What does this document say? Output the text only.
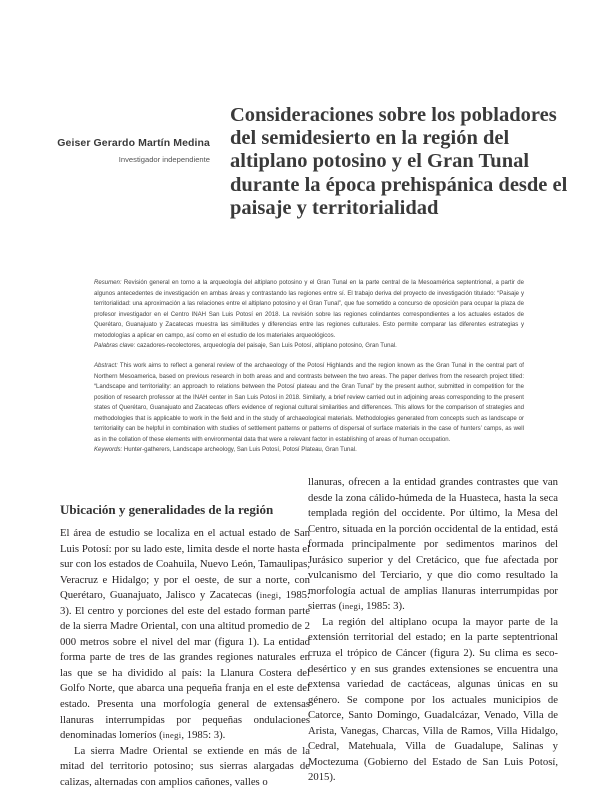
Geiser Gerardo Martín Medina
Investigador independiente
Consideraciones sobre los pobladores del semidesierto en la región del altiplano potosino y el Gran Tunal durante la época prehispánica desde el paisaje y territorialidad

Resumen: Revisión general en torno a la arqueología del altiplano potosino y el Gran Tunal en la parte central de la Mesoamérica septentrional, a partir de algunos antecedentes de investigación en ambas áreas y contrastando las regiones entre sí. El trabajo deriva del proyecto de investigación titulado: “Paisaje y territorialidad: una aproximación a las relaciones entre el altiplano potosino y el Gran Tunal”, que fue sometido a concurso de oposición para ocupar la plaza de profesor investigador en el Centro INAH San Luis Potosí en 2018. La revisión sobre las regiones colindantes correspondientes a los actuales estados de Querétaro, Guanajuato y Zacatecas muestra las similitudes y diferencias entre las regiones culturales. Esto permite comparar las diferentes estrategias y metodologías a aplicar en campo, así como en el estudio de los materiales arqueológicos.
Palabras clave: cazadores-recolectores, arqueología del paisaje, San Luis Potosí, altiplano potosino, Gran Tunal.

Abstract: This work aims to reflect a general review of the archaeology of the Potosí Highlands and the region known as the Gran Tunal in the central part of Northern Mesoamerica, based on previous research in both areas and and contrasts between the two areas. The paper derives from the research project titled: “Landscape and territoriality: an approach to relations between the Potosí plateau and the Gran Tunal” by the present author, submitted in competition for the position of research professor at the INAH center in San Luis Potosí in 2018. Similarly, a brief review carried out in adjoining areas corresponding to the present states of Querétaro, Guanajuato and Zacatecas offers evidence of regional cultural similarities and differences. This allows for the comparison of strategies and methodologies that is applicable to work in the field and in the study of archaeological materials. Methodologies generated from concepts such as landscape or territoriality can be helpful in combination with studies of settlement patterns or patterns of dispersal of surface materials in the case of hunters’ camps, as well as in the collation of these elements with environmental data that were a relevant factor in establishing of areas of human occupation.
Keywords: Hunter-gatherers, Landscape archeology, San Luis Potosí, Potosí Plateau, Gran Tunal.

Ubicación y generalidades de la región

El área de estudio se localiza en el actual estado de San Luis Potosí: por su lado este, limita desde el norte hasta el sur con los estados de Coahuila, Nuevo León, Tamaulipas, Veracruz e Hidalgo; y por el oeste, de sur a norte, con Querétaro, Guanajuato, Jalisco y Zacatecas (inegi, 1985: 3). El centro y porciones del este del estado forman parte de la sierra Madre Oriental, con una altitud promedio de 2 000 metros sobre el nivel del mar (figura 1). La entidad forma parte de tres de las grandes regiones naturales en las que se ha dividido al país: la Llanura Costera del Golfo Norte, que abarca una pequeña franja en el este del estado. Presenta una morfología general de extensas llanuras interrumpidas por pequeñas ondulaciones denominadas lomeríos (inegi, 1985: 3).

La sierra Madre Oriental se extiende en más de la mitad del territorio potosino; sus sierras alargadas de calizas, alternadas con amplios cañones, valles o

llanuras, ofrecen a la entidad grandes contrastes que van desde la zona cálido-húmeda de la Huasteca, hasta la seca templada región del occidente. Por último, la Mesa del Centro, situada en la porción occidental de la entidad, está formada principalmente por sedimentos marinos del Jurásico superior y del Cretácico, que fue afectada por vulcanismo del Terciario, y que dio como resultado la morfología actual de amplias llanuras interrumpidas por sierras (inegi, 1985: 3).

La región del altiplano ocupa la mayor parte de la extensión territorial del estado; en la parte septentrional cruza el trópico de Cáncer (figura 2). Su clima es seco-desértico y en sus grandes extensiones se encuentra una extensa variedad de cactáceas, algunas únicas en su género. Se compone por los actuales municipios de Catorce, Santo Domingo, Guadalcázar, Venado, Villa de Arista, Vanegas, Charcas, Villa de Ramos, Villa Hidalgo, Cedral, Matehuala, Villa de Guadalupe, Salinas y Moctezuma (Gobierno del Estado de San Luis Potosí, 2015).
